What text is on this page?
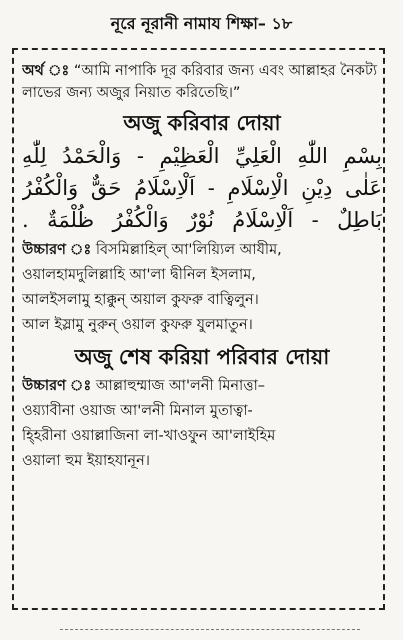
নূরে নূরানী নামায শিক্ষা– ১৮

অর্থ ঃ “আমি নাপাকি দূর করিবার জন্য এবং আল্লাহর নৈকট্য লাভের জন্য অজুর নিয়াত করিতেছি।”

অজু করিবার দোয়া

بِسْمِ اللّٰهِ الْعَلِيِّ الْعَظِيْمِ - وَالْحَمْدُ لِلّٰهِ

عَلٰى دِيْنِ الْاِسْلَامِ - اَلْاِسْلَامُ حَقٌّ وَالْكُفْرُ

بَاطِلٌ - اَلْاِسْلَامُ نُوْرٌ وَالْكُفْرُ ظُلْمَةٌ .

উচ্চারণ ঃ বিসমিল্লাহিল্ আ'লিয়্যিল আযীম,
ওয়ালহামদুলিল্লাহি আ'লা দ্বীনিল ইসলাম,
আলইসলামু হাক্কুন্ অয়াল কুফরু বাত্বিলুন।
আল ইস্লামু নুরুন্ ওয়াল কুফরু যুলমাতুন।
অজু শেষ করিয়া পরিবার দোয়া
উচ্চারণ ঃ আল্লাহুম্মাজ আ'লনী মিনাত্তা–
ওয়্যাবীনা ওয়াজ আ'লনী মিনাল মুতাত্বা-
হ্হিরীনা ওয়াল্লাজিনা লা-খাওফুন আ'লাইহিম
ওয়ালা হুম ইয়াহযানূন।
